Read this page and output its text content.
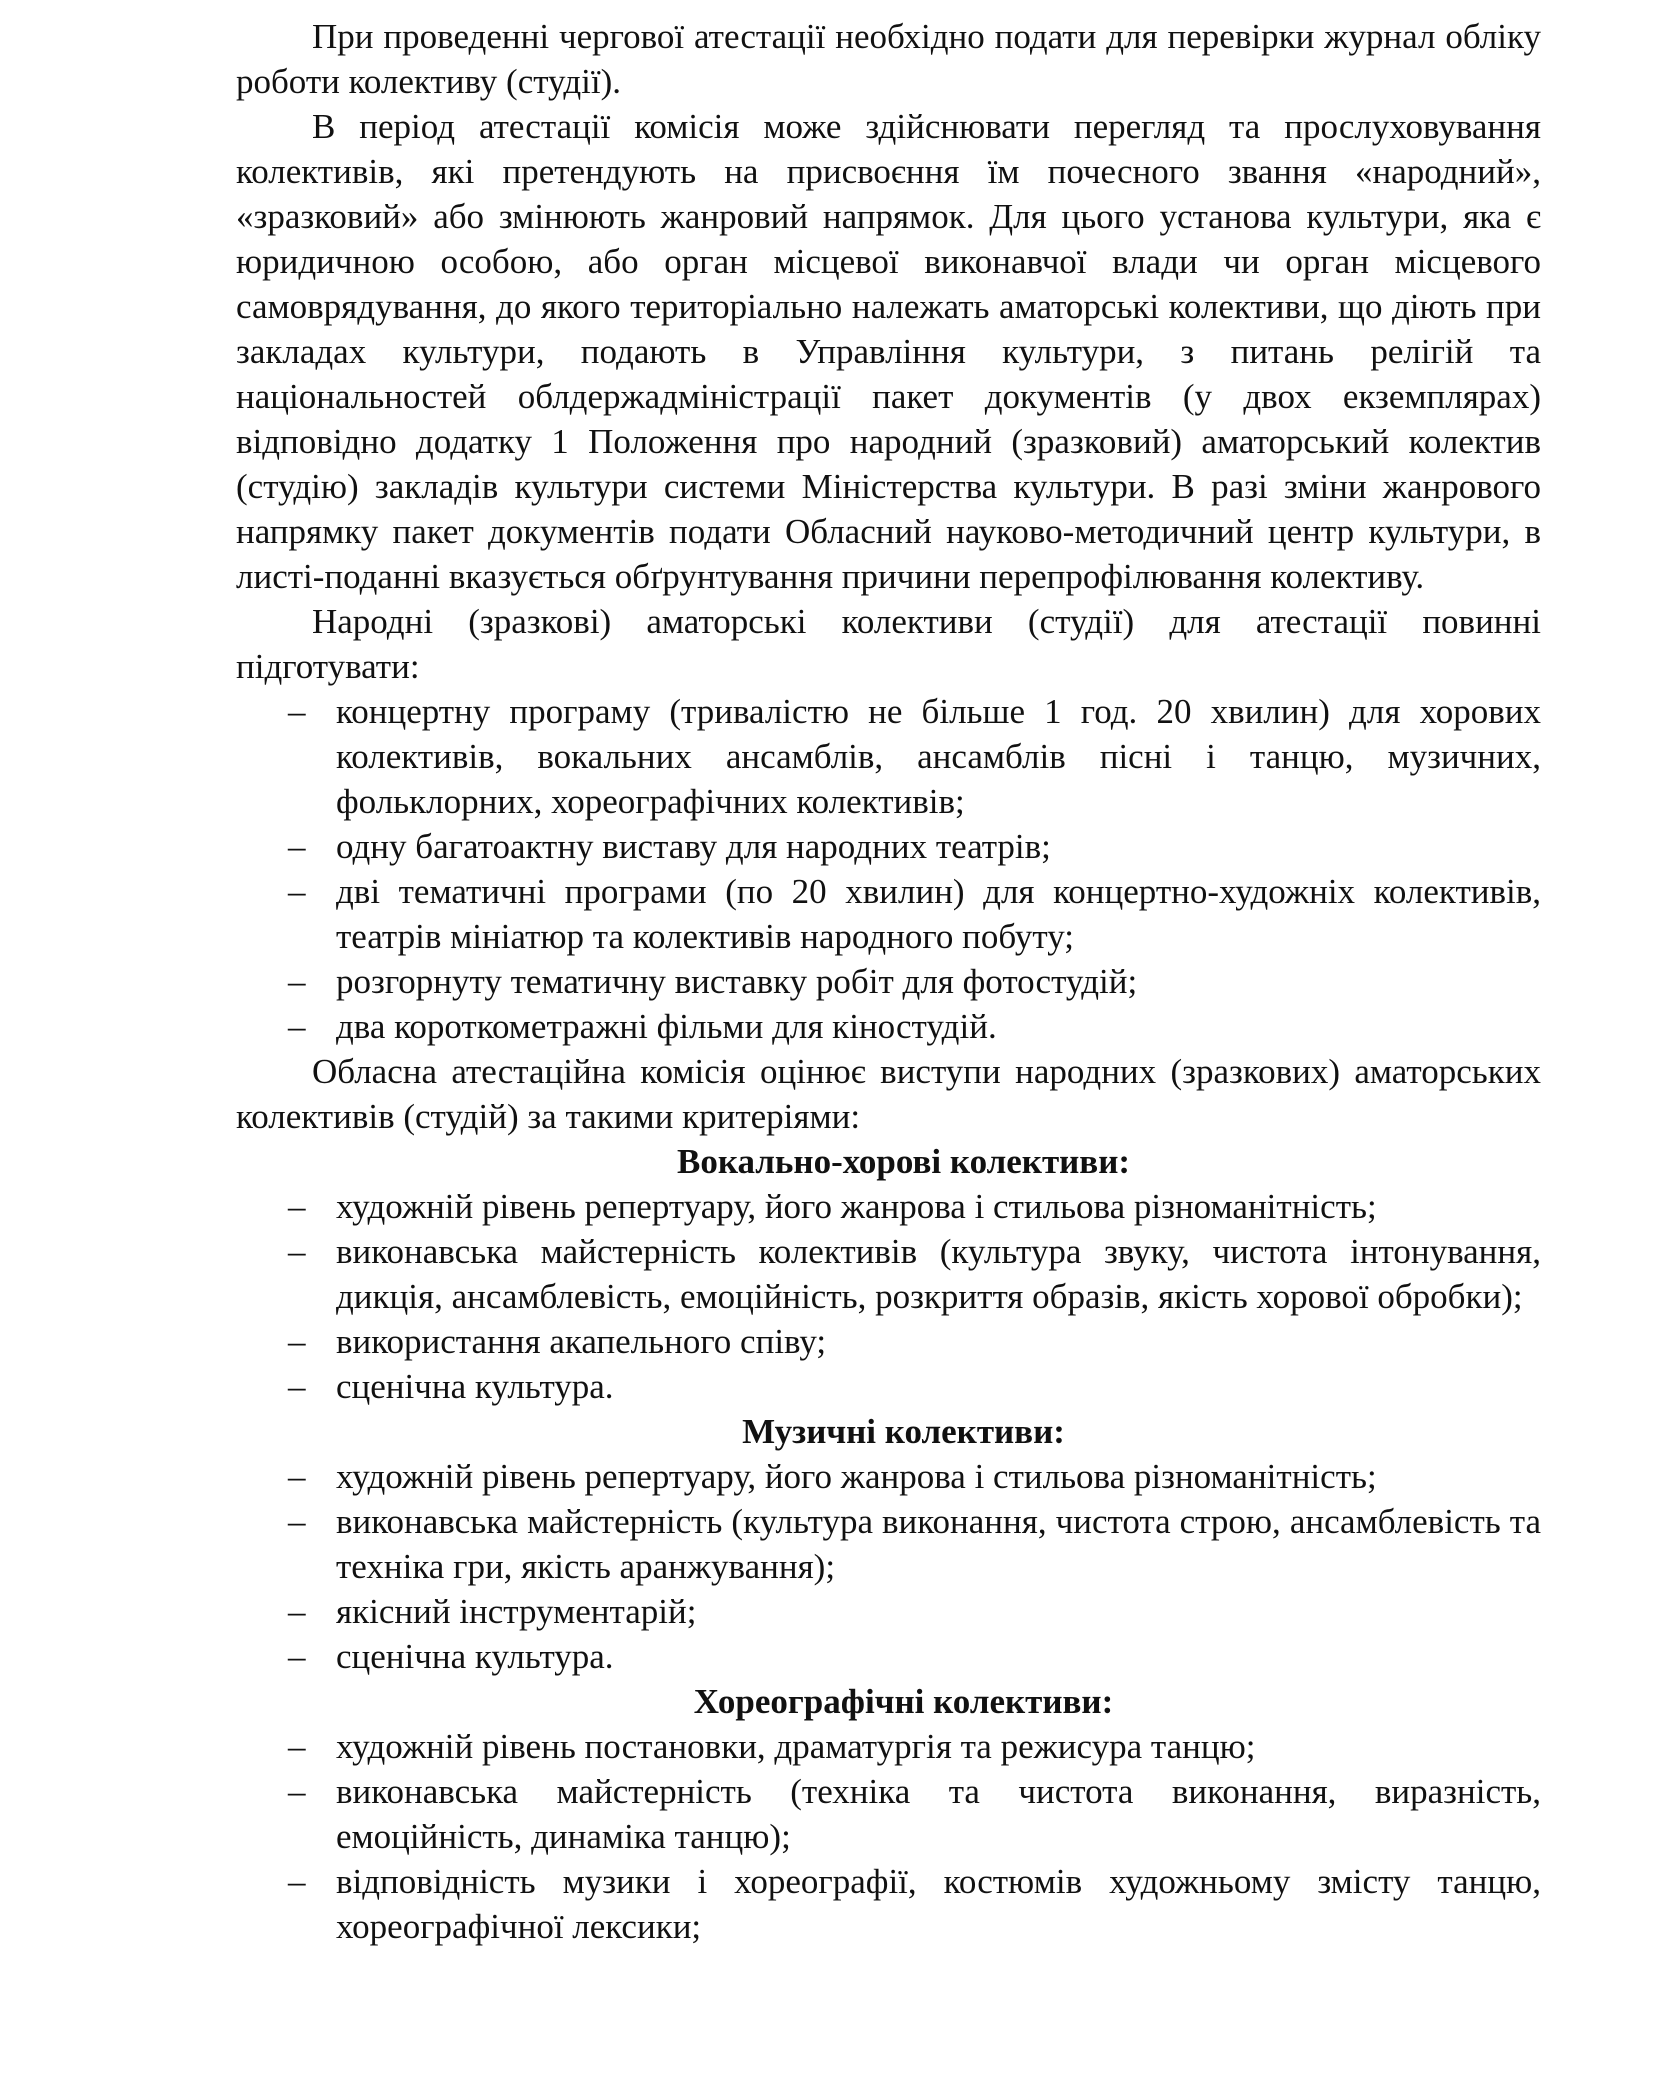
При проведенні чергової атестації необхідно подати для перевірки журнал обліку роботи колективу (студії).

В період атестації комісія може здійснювати перегляд та прослуховування колективів, які претендують на присвоєння їм почесного звання «народний», «зразковий» або змінюють жанровий напрямок. Для цього установа культури, яка є юридичною особою, або орган місцевої виконавчої влади чи орган місцевого самоврядування, до якого територіально належать аматорські колективи, що діють при закладах культури, подають в Управління культури, з питань релігій та національностей облдержадміністрації пакет документів (у двох екземплярах) відповідно додатку 1 Положення про народний (зразковий) аматорський колектив (студію) закладів культури системи Міністерства культури. В разі зміни жанрового напрямку пакет документів подати Обласний науково-методичний центр культури, в листі-поданні вказується обґрунтування причини перепрофілювання колективу.

Народні (зразкові) аматорські колективи (студії) для атестації повинні підготувати:

– концертну програму (тривалістю не більше 1 год. 20 хвилин) для хорових колективів, вокальних ансамблів, ансамблів пісні і танцю, музичних, фольклорних, хореографічних колективів;
– одну багатоактну виставу для народних театрів;
– дві тематичні програми (по 20 хвилин) для концертно-художніх колективів, театрів мініатюр та колективів народного побуту;
– розгорнуту тематичну виставку робіт для фотостудій;
– два короткометражні фільми для кіностудій.

Обласна атестаційна комісія оцінює виступи народних (зразкових) аматорських колективів (студій) за такими критеріями:

Вокально-хорові колективи:

– художній рівень репертуару, його жанрова і стильова різноманітність;
– виконавська майстерність колективів (культура звуку, чистота інтонування, дикція, ансамблевість, емоційність, розкриття образів, якість хорової обробки);
– використання акапельного співу;
– сценічна культура.

Музичні колективи:

– художній рівень репертуару, його жанрова і стильова різноманітність;
– виконавська майстерність (культура виконання, чистота строю, ансамблевість та техніка гри, якість аранжування);
– якісний інструментарій;
– сценічна культура.

Хореографічні колективи:

– художній рівень постановки, драматургія та режисура танцю;
– виконавська майстерність (техніка та чистота виконання, виразність, емоційність, динаміка танцю);
– відповідність музики і хореографії, костюмів художньому змісту танцю, хореографічної лексики;
